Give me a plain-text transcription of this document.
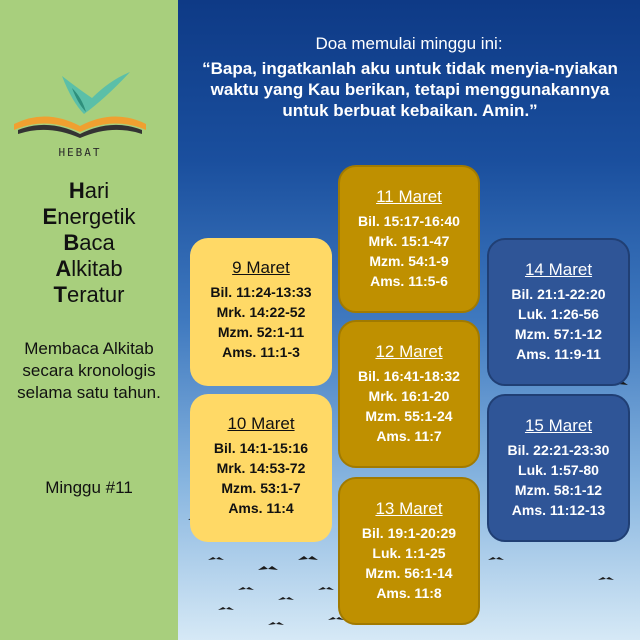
HEBAT
Hari
Energetik
Baca
Alkitab
Teratur
Membaca Alkitab secara kronologis selama satu tahun.
Minggu #11
Doa memulai minggu ini:
“Bapa, ingatkanlah aku untuk tidak menyia-nyiakan waktu yang Kau berikan, tetapi menggunakannya untuk berbuat kebaikan. Amin.”
9 Maret
Bil. 11:24-13:33
Mrk. 14:22-52
Mzm. 52:1-11
Ams. 11:1-3
10 Maret
Bil. 14:1-15:16
Mrk. 14:53-72
Mzm. 53:1-7
Ams. 11:4
11 Maret
Bil. 15:17-16:40
Mrk. 15:1-47
Mzm. 54:1-9
Ams. 11:5-6
12 Maret
Bil. 16:41-18:32
Mrk. 16:1-20
Mzm. 55:1-24
Ams. 11:7
13 Maret
Bil. 19:1-20:29
Luk. 1:1-25
Mzm. 56:1-14
Ams. 11:8
14 Maret
Bil. 21:1-22:20
Luk. 1:26-56
Mzm. 57:1-12
Ams. 11:9-11
15 Maret
Bil. 22:21-23:30
Luk. 1:57-80
Mzm. 58:1-12
Ams. 11:12-13
